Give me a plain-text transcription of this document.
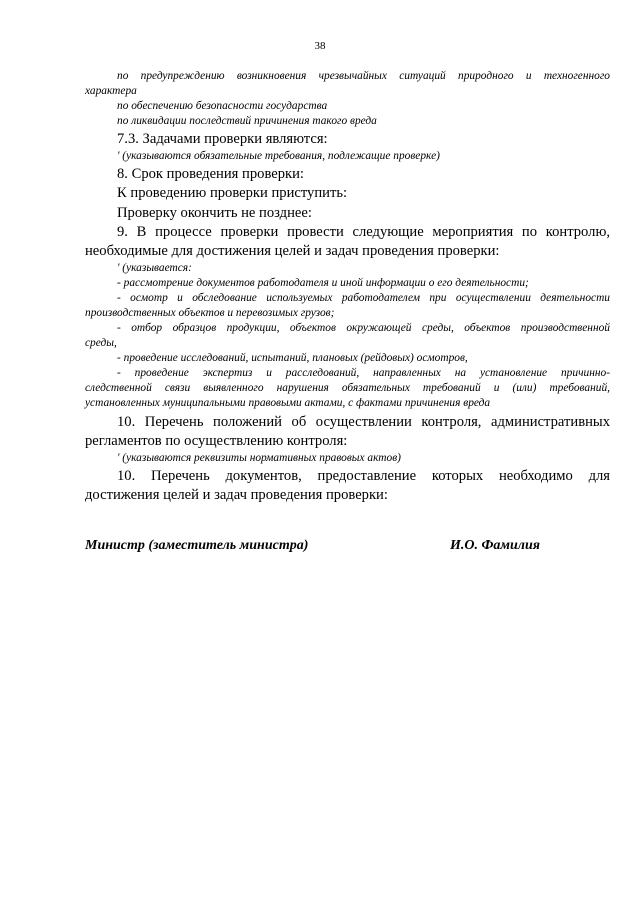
38

по предупреждению возникновения чрезвычайных ситуаций природного и техногенного

характера

по обеспечению безопасности государства

по ликвидации последствий причинения такого вреда

7.3. Задачами проверки являются:

' (указываются обязательные требования, подлежащие проверке)

8. Срок проведения проверки:

К проведению проверки приступить:

Проверку окончить не позднее:

9. В процессе проверки провести следующие мероприятия по контролю,

необходимые для достижения целей и задач проведения проверки:

' (указывается:

- рассмотрение документов работодателя и иной информации о его деятельности;

- осмотр и обследование используемых работодателем при осуществлении деятельности

производственных объектов и перевозимых грузов;

- отбор образцов продукции, объектов окружающей среды, объектов производственной

среды,

- проведение исследований, испытаний, плановых (рейдовых) осмотров,

- проведение экспертиз и расследований, направленных на установление причинно-

следственной связи выявленного нарушения обязательных требований и (или) требований,

установленных муниципальными правовыми актами, с фактами причинения вреда

10. Перечень положений об осуществлении контроля, административных

регламентов по осуществлению контроля:

' (указываются реквизиты нормативных правовых актов)

10. Перечень документов, предоставление которых необходимо для

достижения целей и задач проведения проверки:

Министр (заместитель министра)	И.О. Фамилия
